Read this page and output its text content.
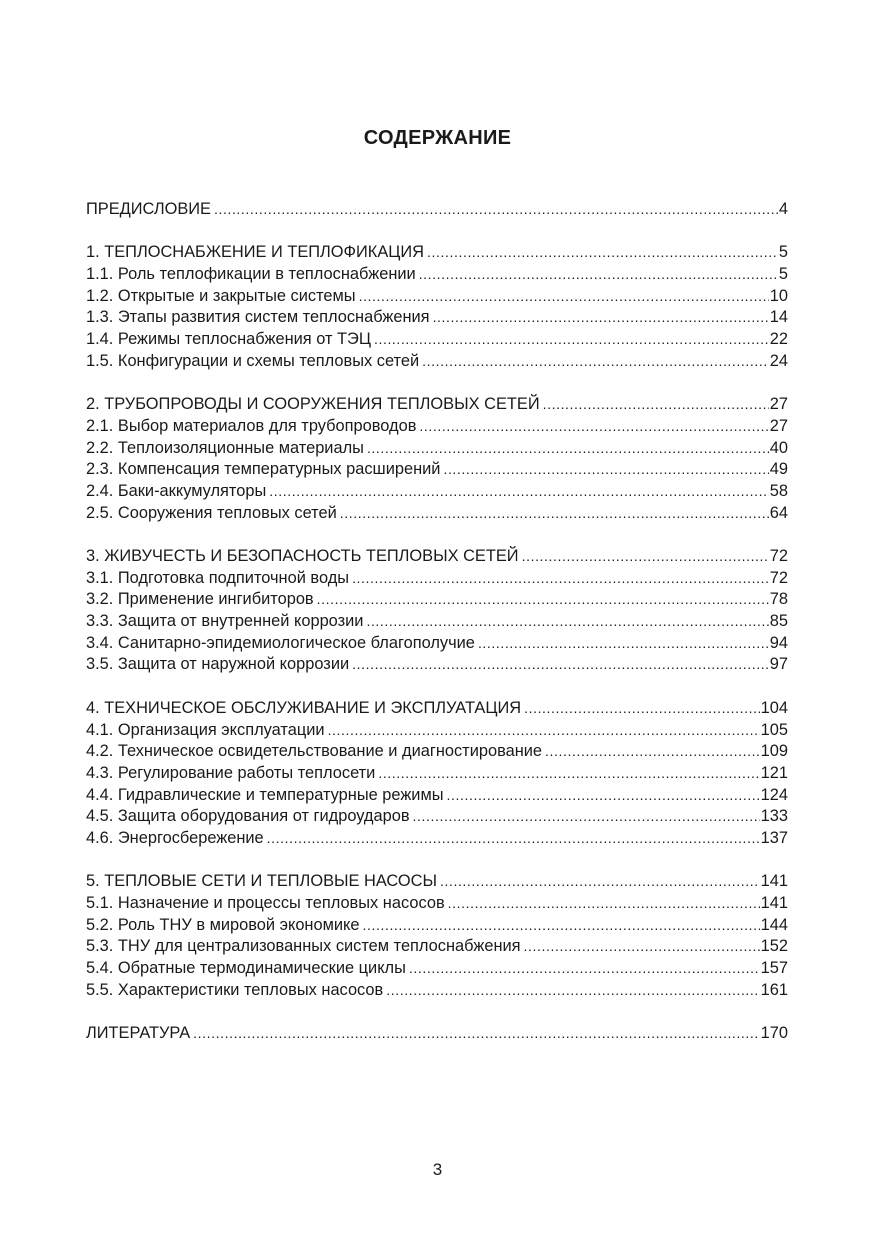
СОДЕРЖАНИЕ
ПРЕДИСЛОВИЕ .....	4
1. ТЕПЛОСНАБЖЕНИЕ И ТЕПЛОФИКАЦИЯ .....	5
1.1. Роль теплофикации в теплоснабжении .....	5
1.2. Открытые и закрытые системы .....	10
1.3. Этапы развития систем теплоснабжения .....	14
1.4. Режимы теплоснабжения от ТЭЦ .....	22
1.5. Конфигурации и схемы тепловых сетей .....	24
2. ТРУБОПРОВОДЫ И СООРУЖЕНИЯ ТЕПЛОВЫХ СЕТЕЙ .....	27
2.1. Выбор материалов для трубопроводов .....	27
2.2. Теплоизоляционные материалы .....	40
2.3. Компенсация температурных расширений .....	49
2.4. Баки-аккумуляторы .....	58
2.5. Сооружения тепловых сетей .....	64
3. ЖИВУЧЕСТЬ И БЕЗОПАСНОСТЬ ТЕПЛОВЫХ СЕТЕЙ .....	72
3.1. Подготовка подпиточной воды .....	72
3.2. Применение ингибиторов .....	78
3.3. Защита от внутренней коррозии .....	85
3.4. Санитарно-эпидемиологическое благополучие .....	94
3.5. Защита от наружной коррозии .....	97
4. ТЕХНИЧЕСКОЕ ОБСЛУЖИВАНИЕ И ЭКСПЛУАТАЦИЯ .....	104
4.1. Организация эксплуатации .....	105
4.2. Техническое освидетельствование и диагностирование .....	109
4.3. Регулирование работы теплосети .....	121
4.4. Гидравлические и температурные режимы .....	124
4.5. Защита оборудования от гидроударов .....	133
4.6. Энергосбережение .....	137
5. ТЕПЛОВЫЕ СЕТИ И ТЕПЛОВЫЕ НАСОСЫ .....	141
5.1. Назначение и процессы тепловых насосов .....	141
5.2. Роль ТНУ в мировой экономике .....	144
5.3. ТНУ для централизованных систем теплоснабжения .....	152
5.4. Обратные термодинамические циклы .....	157
5.5. Характеристики тепловых насосов .....	161
ЛИТЕРАТУРА .....	170
3
